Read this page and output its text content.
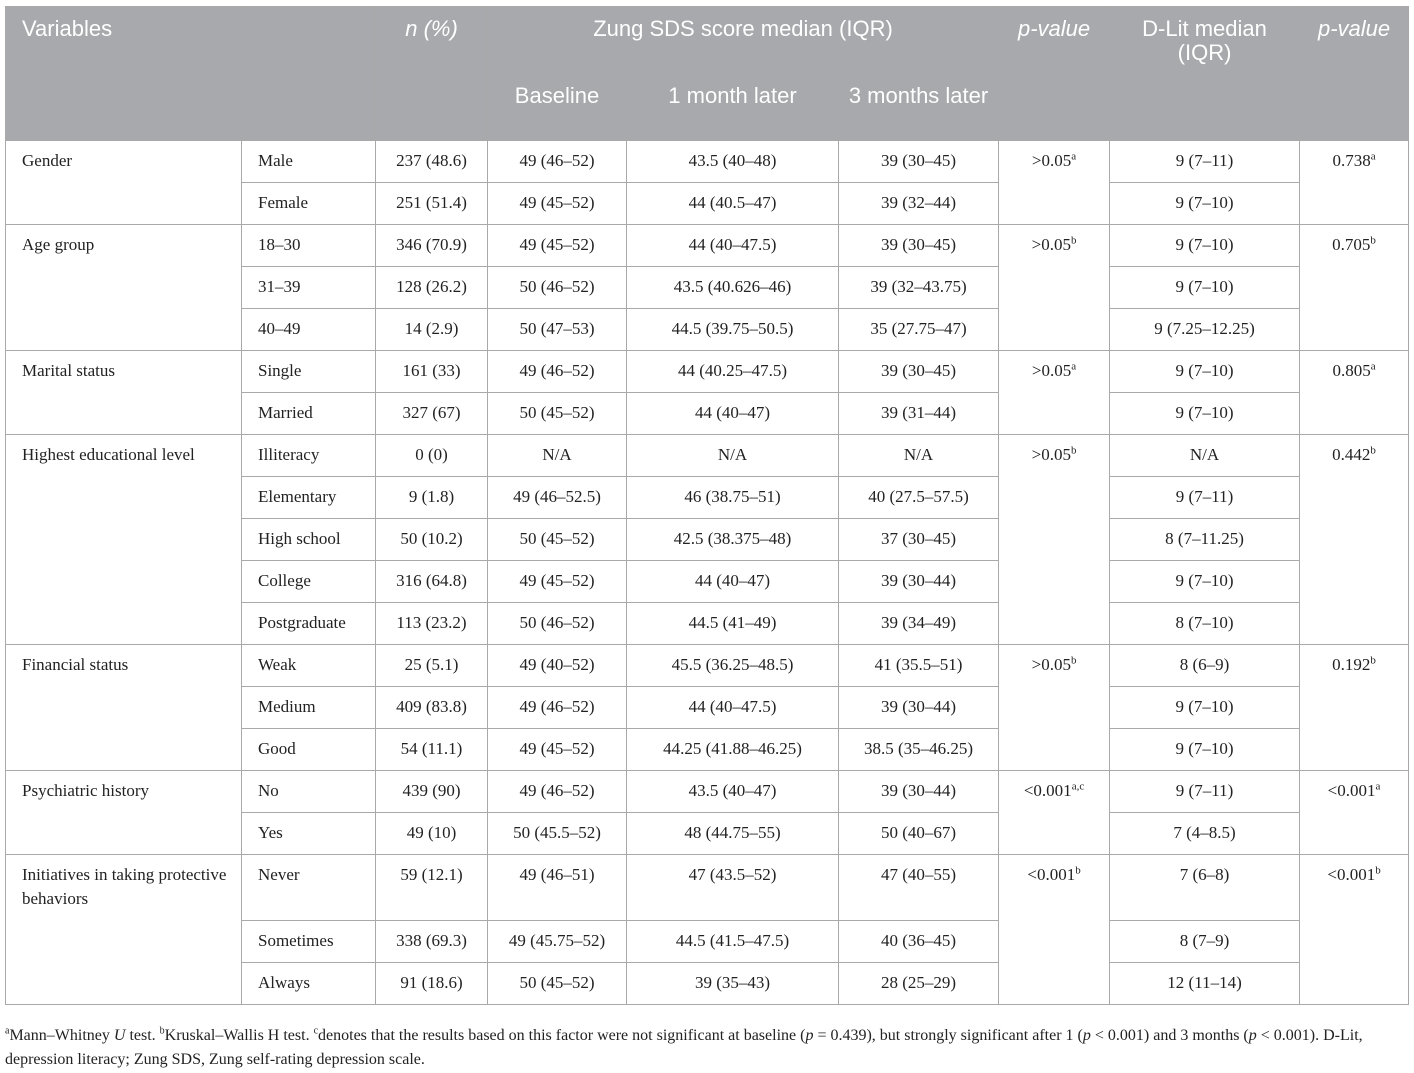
Variables		n (%)	Zung SDS score median (IQR)			p-value	D-Lit median (IQR)	p-value
			Baseline	1 month later	3 months later			
Gender	Male	237 (48.6)	49 (46–52)	43.5 (40–48)	39 (30–45)	>0.05$^a$	9 (7–11)	0.738$^a$
	Female	251 (51.4)	49 (45–52)	44 (40.5–47)	39 (32–44)		9 (7–10)	
Age group	18–30	346 (70.9)	49 (45–52)	44 (40–47.5)	39 (30–45)	>0.05$^b$	9 (7–10)	0.705$^b$
	31–39	128 (26.2)	50 (46–52)	43.5 (40.626–46)	39 (32–43.75)		9 (7–10)	
	40–49	14 (2.9)	50 (47–53)	44.5 (39.75–50.5)	35 (27.75–47)		9 (7.25–12.25)	
Marital status	Single	161 (33)	49 (46–52)	44 (40.25–47.5)	39 (30–45)	>0.05$^a$	9 (7–10)	0.805$^a$
	Married	327 (67)	50 (45–52)	44 (40–47)	39 (31–44)		9 (7–10)	
Highest educational level	Illiteracy	0 (0)	N/A	N/A	N/A	>0.05$^b$	N/A	0.442$^b$
	Elementary	9 (1.8)	49 (46–52.5)	46 (38.75–51)	40 (27.5–57.5)		9 (7–11)	
	High school	50 (10.2)	50 (45–52)	42.5 (38.375–48)	37 (30–45)		8 (7–11.25)	
	College	316 (64.8)	49 (45–52)	44 (40–47)	39 (30–44)		9 (7–10)	
	Postgraduate	113 (23.2)	50 (46–52)	44.5 (41–49)	39 (34–49)		8 (7–10)	
Financial status	Weak	25 (5.1)	49 (40–52)	45.5 (36.25–48.5)	41 (35.5–51)	>0.05$^b$	8 (6–9)	0.192$^b$
	Medium	409 (83.8)	49 (46–52)	44 (40–47.5)	39 (30–44)		9 (7–10)	
	Good	54 (11.1)	49 (45–52)	44.25 (41.88–46.25)	38.5 (35–46.25)		9 (7–10)	
Psychiatric history	No	439 (90)	49 (46–52)	43.5 (40–47)	39 (30–44)	$<0.001^{a,c}$	9 (7–11)	<0.001$^a$
	Yes	49 (10)	50 (45.5–52)	48 (44.75–55)	50 (40–67)		7 (4–8.5)	
Initiatives in taking protective behaviors	Never	59 (12.1)	49 (46–51)	47 (43.5–52)	47 (40–55)	<0.001$^b$	7 (6–8)	<0.001$^b$
	Sometimes	338 (69.3)	49 (45.75–52)	44.5 (41.5–47.5)	40 (36–45)		8 (7–9)	
	Always	91 (18.6)	50 (45–52)	39 (35–43)	28 (25–29)		12 (11–14)	
$^a$Mann–Whitney U test. $^b$Kruskal–Wallis H test. $^c$denotes that the results based on this factor were not significant at baseline (p = 0.439), but strongly significant after 1 (p < 0.001) and 3 months (p < 0.001). D-Lit, depression literacy; Zung SDS, Zung self-rating depression scale.
